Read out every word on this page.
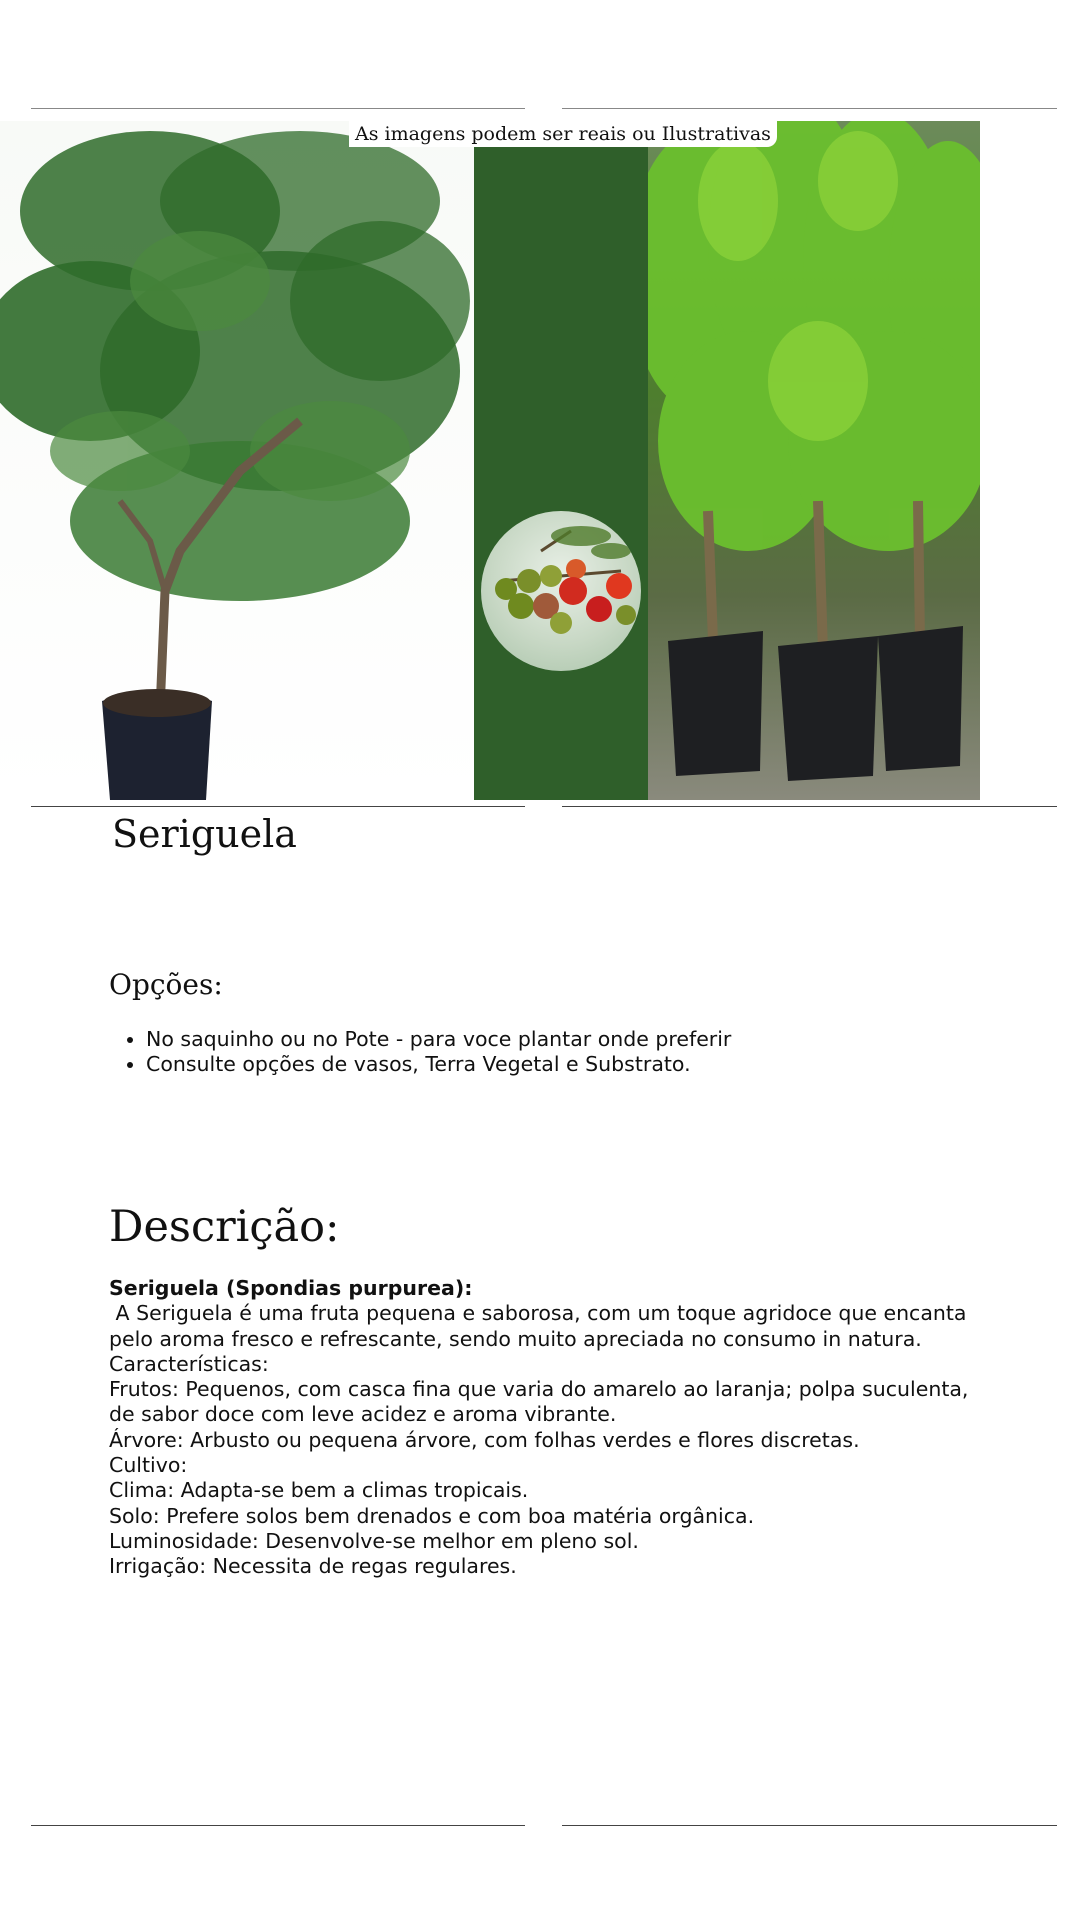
As imagens podem ser reais ou Ilustrativas
Seriguela
Opções:
• No saquinho ou no Pote - para voce plantar onde preferir
• Consulte opções de vasos, Terra Vegetal e Substrato.
Descrição:

Seriguela (Spondias purpurea):

A Seriguela é uma fruta pequena e saborosa, com um toque agridoce que encanta pelo aroma fresco e refrescante, sendo muito apreciada no consumo in natura.

Características:

Frutos: Pequenos, com casca fina que varia do amarelo ao laranja; polpa suculenta, de sabor doce com leve acidez e aroma vibrante.

Árvore: Arbusto ou pequena árvore, com folhas verdes e flores discretas.

Cultivo:

Clima: Adapta-se bem a climas tropicais.

Solo: Prefere solos bem drenados e com boa matéria orgânica.

Luminosidade: Desenvolve-se melhor em pleno sol.

Irrigação: Necessita de regas regulares.
